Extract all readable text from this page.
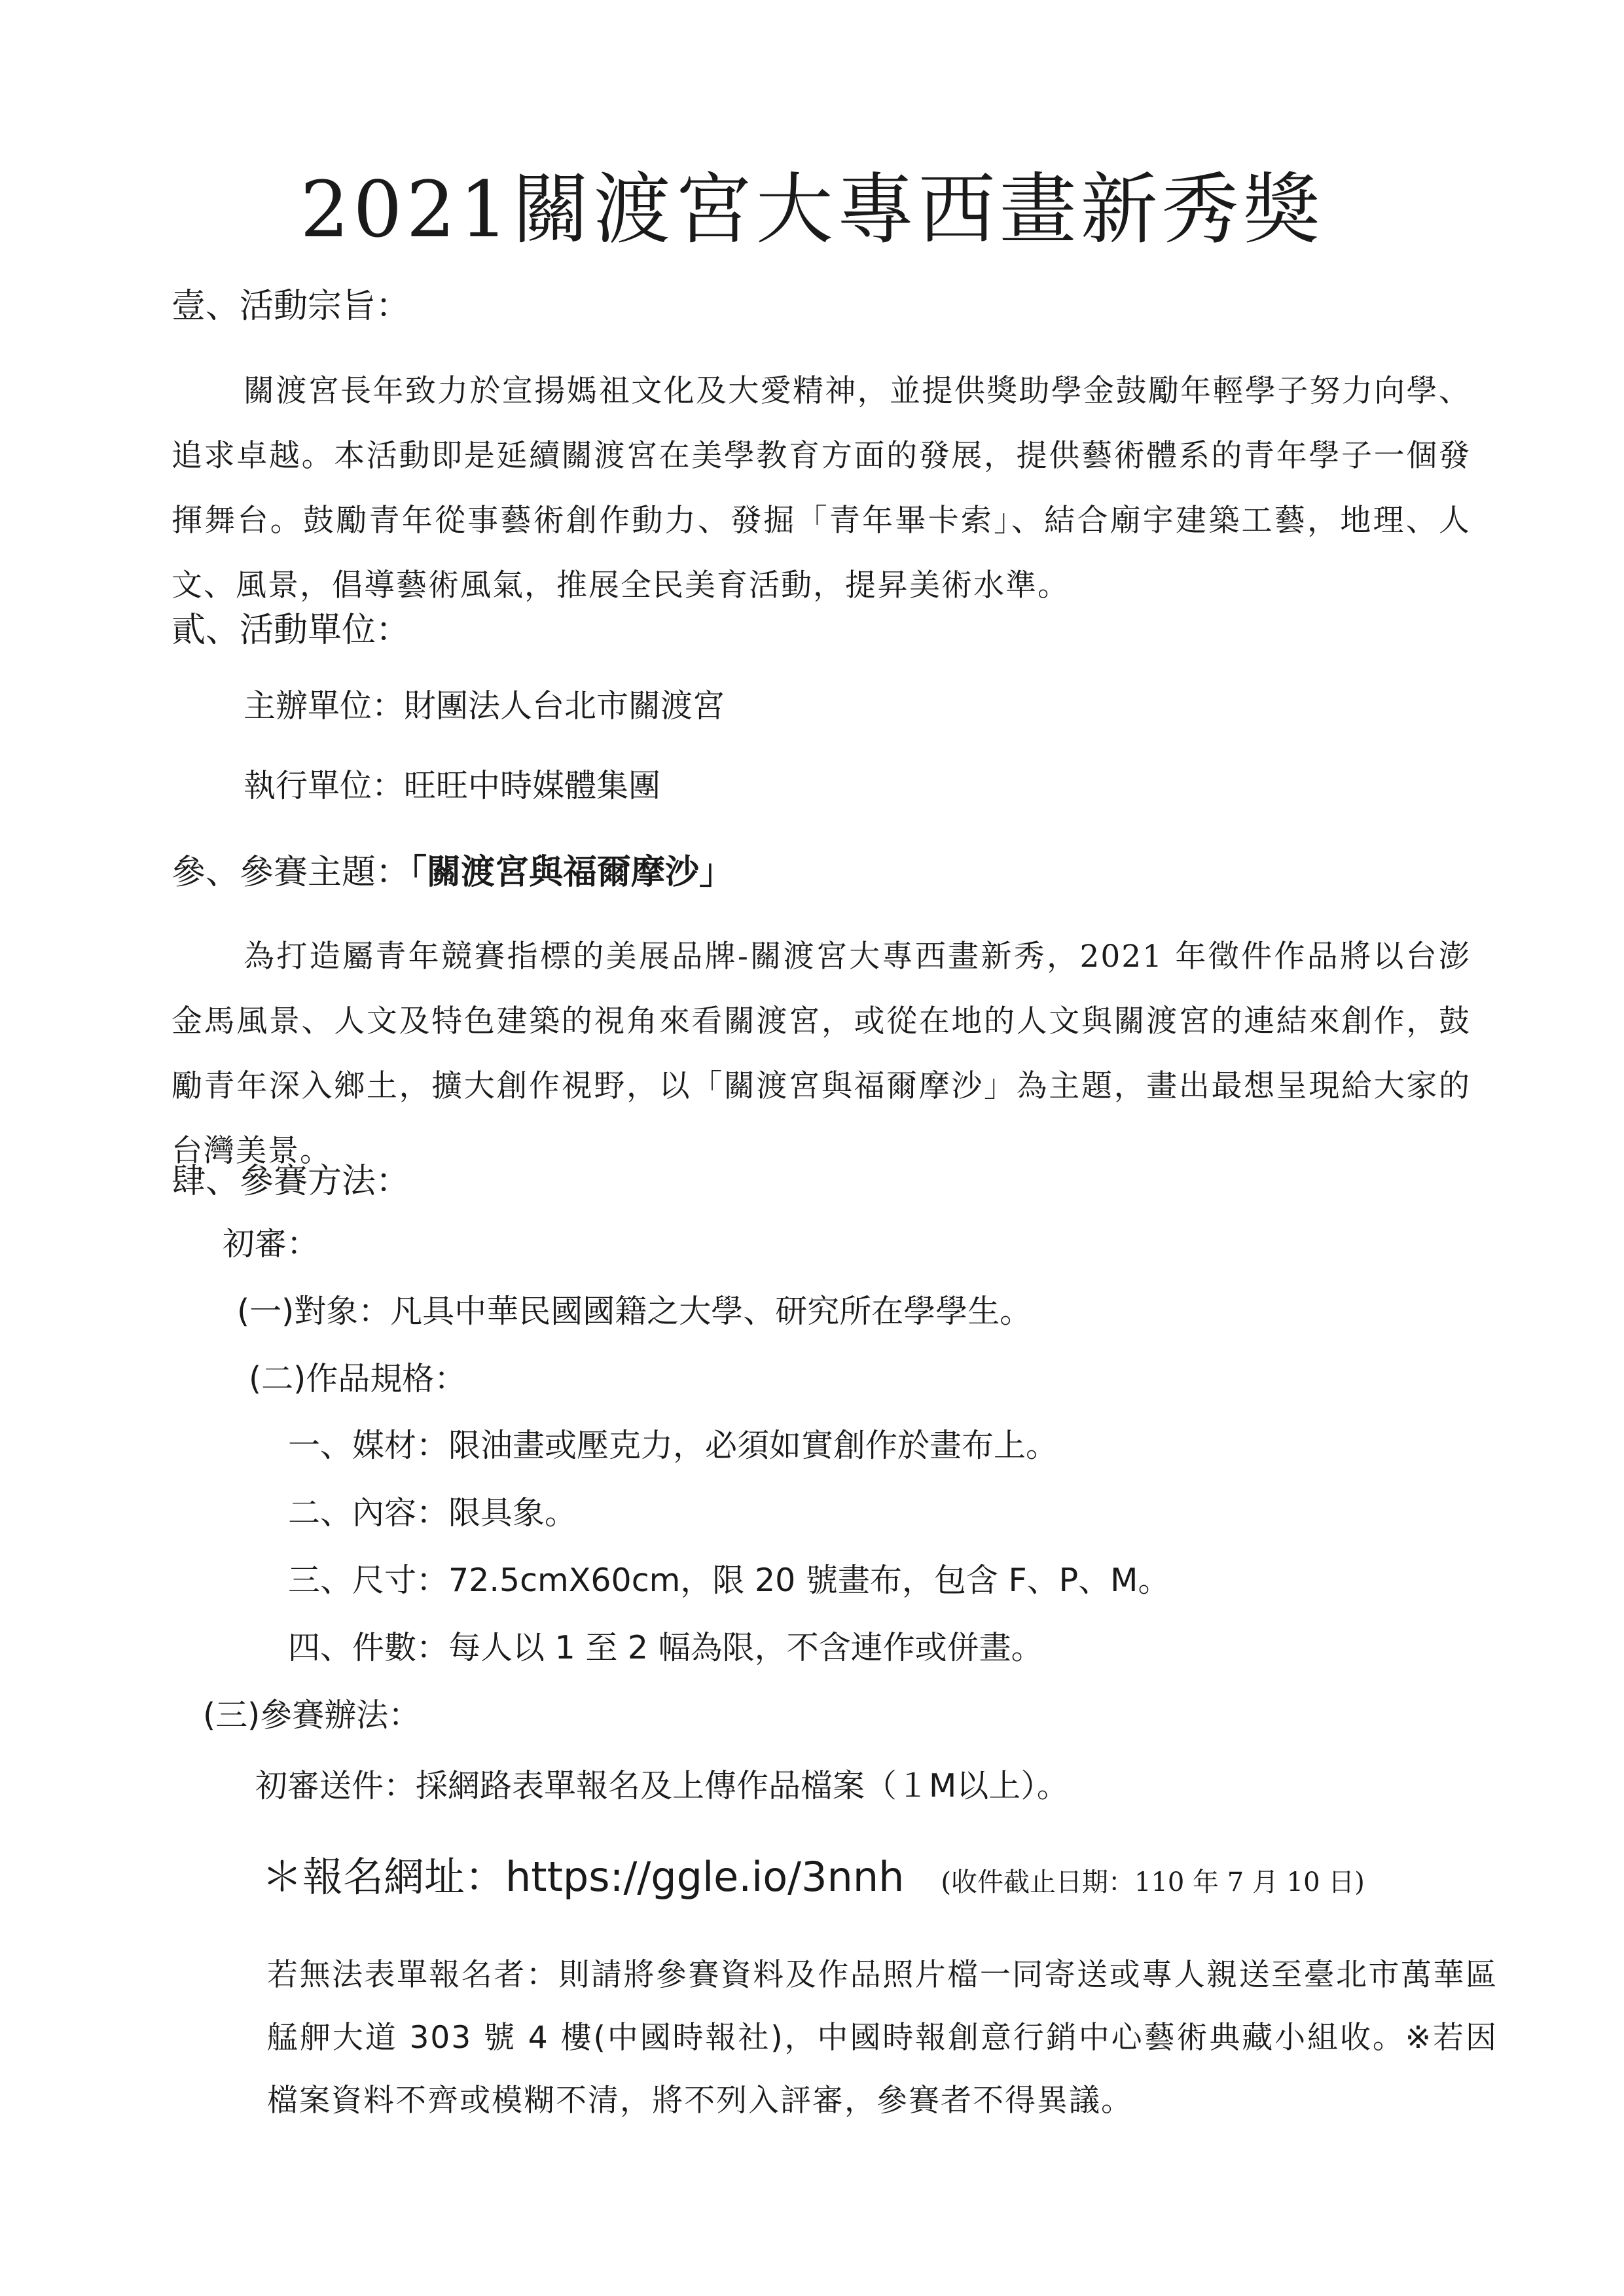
2021關渡宮大專西畫新秀獎
壹、活動宗旨：
關渡宮長年致力於宣揚媽祖文化及大愛精神，並提供獎助學金鼓勵年輕學子努力向學、追求卓越。本活動即是延續關渡宮在美學教育方面的發展，提供藝術體系的青年學子一個發揮舞台。鼓勵青年從事藝術創作動力、發掘「青年畢卡索」、結合廟宇建築工藝，地理、人文、風景，倡導藝術風氣，推展全民美育活動，提昇美術水準。
貳、活動單位：
主辦單位：財團法人台北市關渡宮
執行單位：旺旺中時媒體集團
參、參賽主題：「關渡宮與福爾摩沙」
為打造屬青年競賽指標的美展品牌-關渡宮大專西畫新秀，2021 年徵件作品將以台澎金馬風景、人文及特色建築的視角來看關渡宮，或從在地的人文與關渡宮的連結來創作，鼓勵青年深入鄉土，擴大創作視野，以「關渡宮與福爾摩沙」為主題，畫出最想呈現給大家的台灣美景。
肆、參賽方法：
初審：
(一)對象：凡具中華民國國籍之大學、研究所在學學生。
(二)作品規格：
一、媒材：限油畫或壓克力，必須如實創作於畫布上。
二、內容：限具象。
三、尺寸：72.5cmX60cm，限 20 號畫布，包含 F、P、M。
四、件數：每人以 1 至 2 幅為限，不含連作或併畫。
(三)參賽辦法：
初審送件：採網路表單報名及上傳作品檔案（１M以上）。
＊報名網址：https://ggle.io/3nnh (收件截止日期：110 年 7 月 10 日)
若無法表單報名者：則請將參賽資料及作品照片檔一同寄送或專人親送至臺北市萬華區艋舺大道 303 號 4 樓(中國時報社)，中國時報創意行銷中心藝術典藏小組收。※若因檔案資料不齊或模糊不清，將不列入評審，參賽者不得異議。
